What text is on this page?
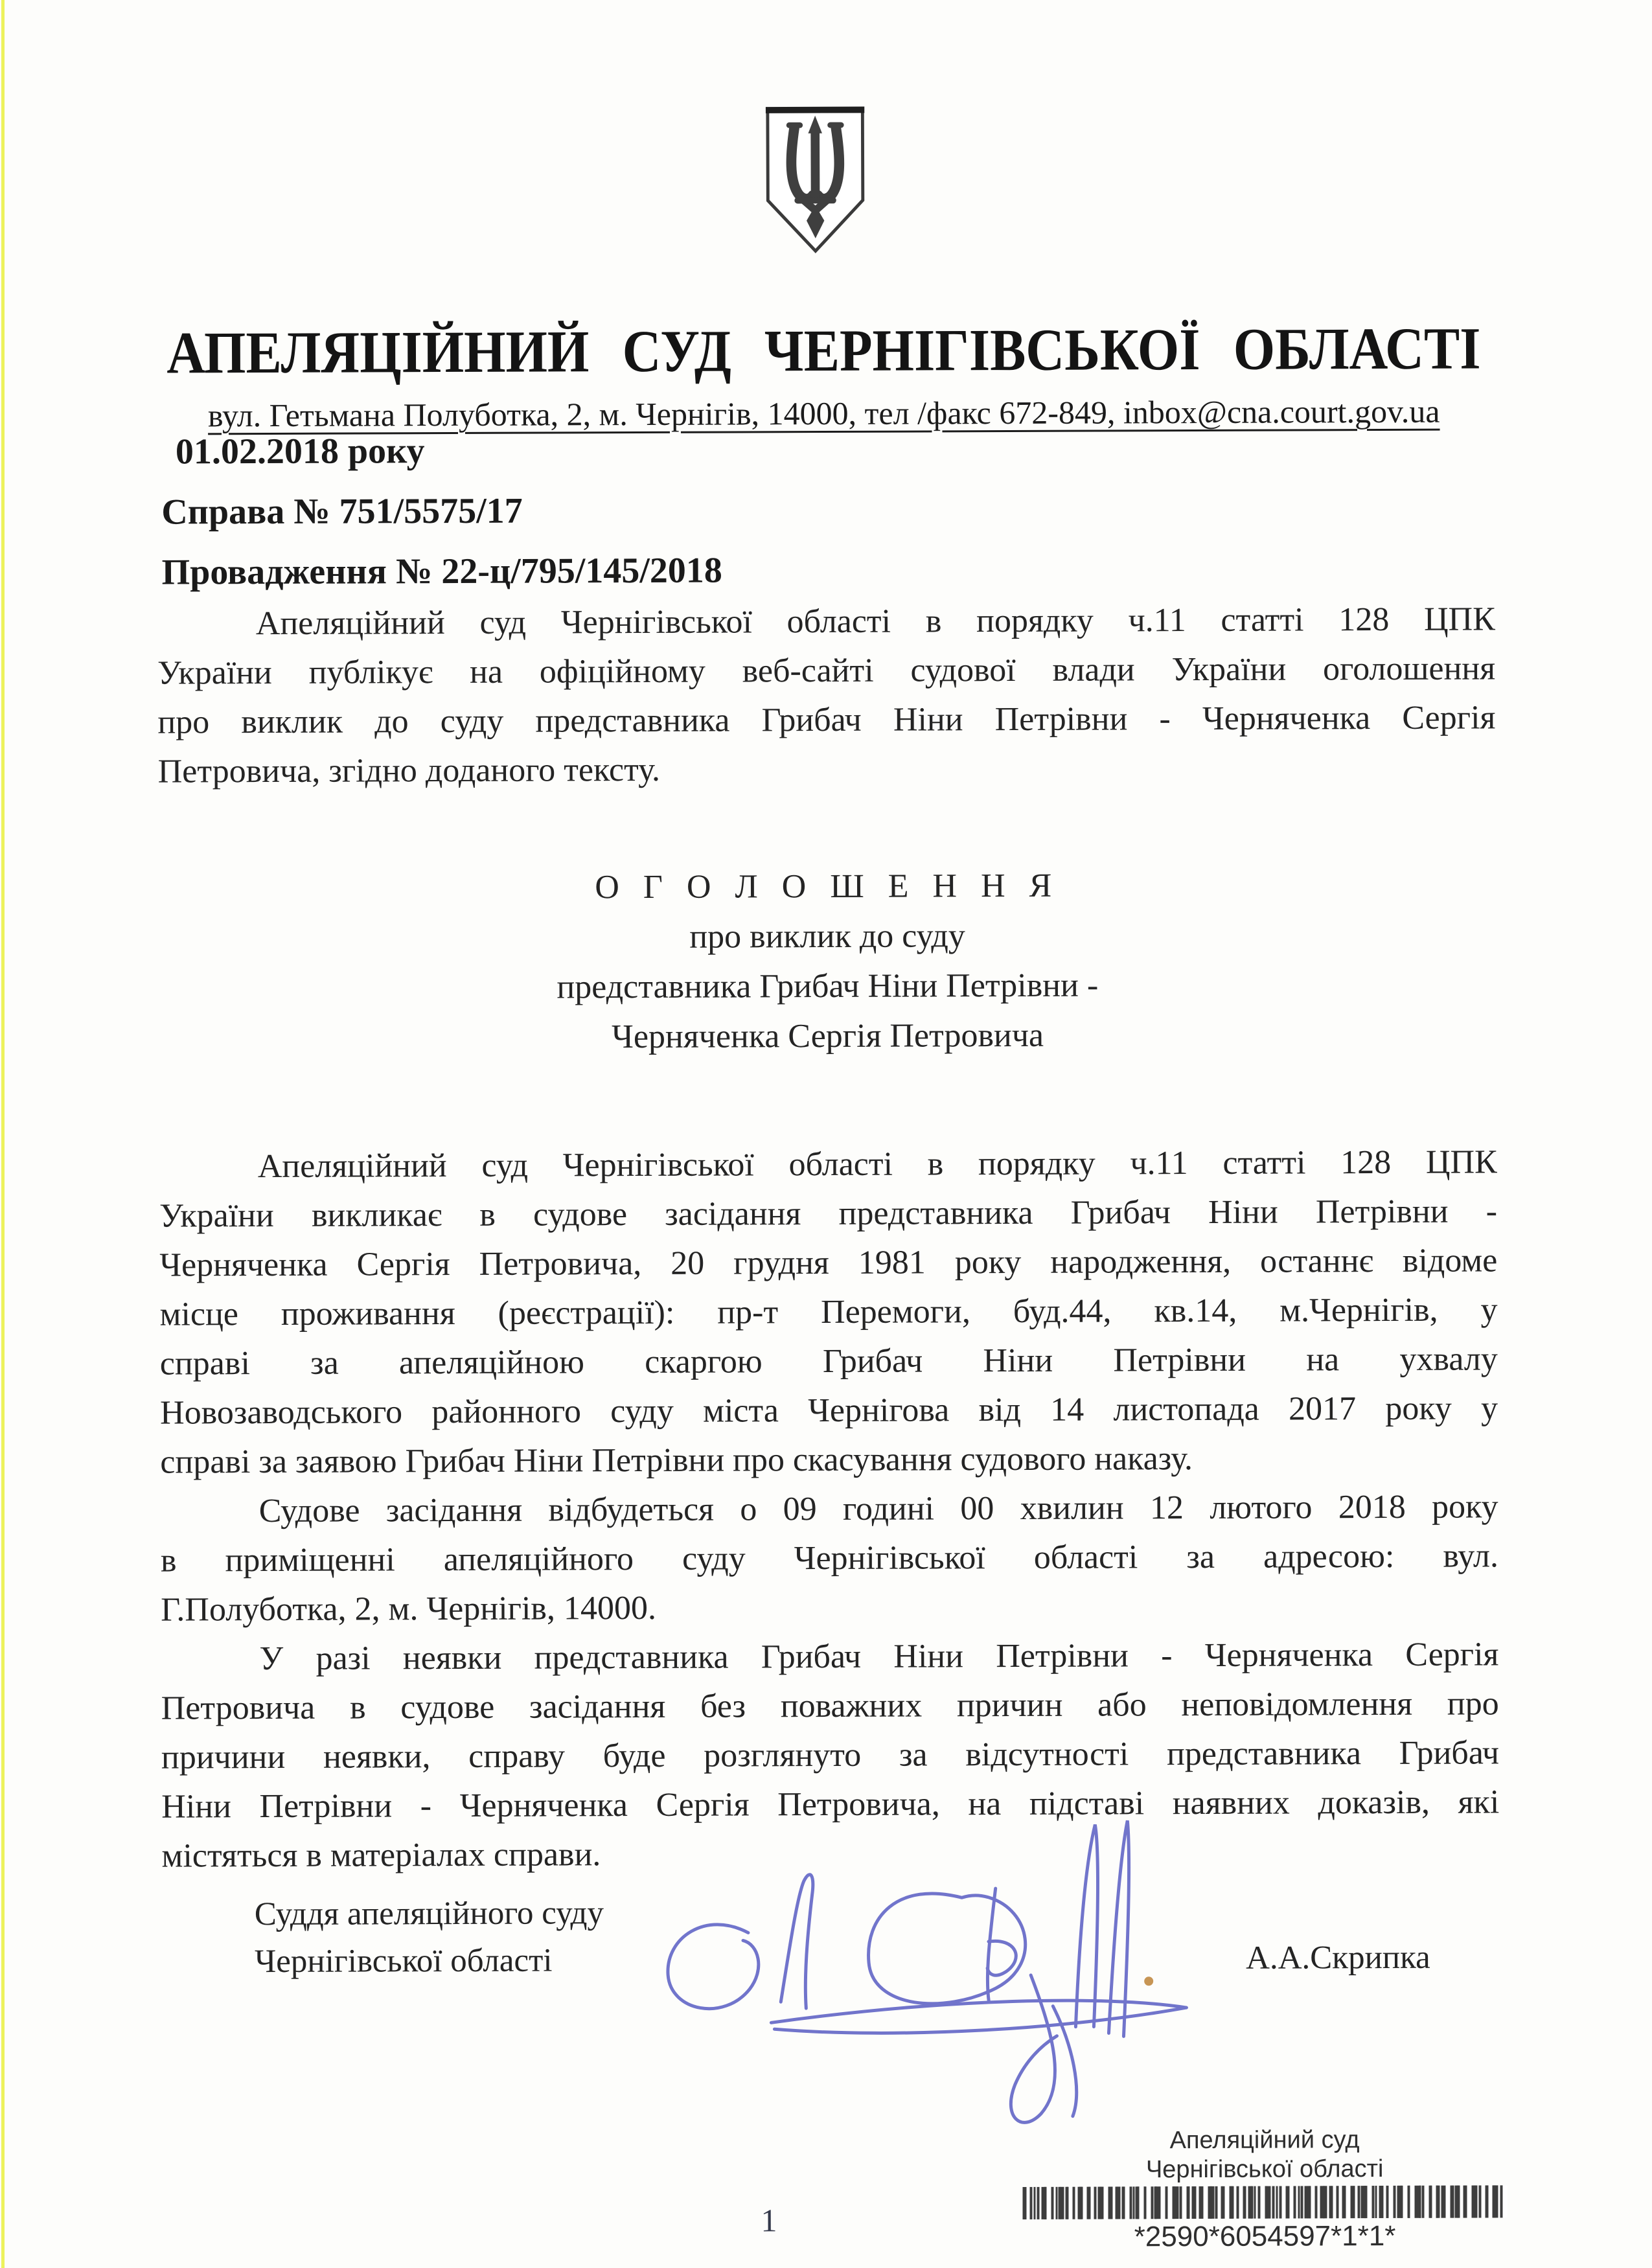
АПЕЛЯЦІЙНИЙ СУД ЧЕРНІГІВСЬКОЇ ОБЛАСТІ
вул. Гетьмана Полуботка, 2, м. Чернігів, 14000, тел /факс 672-849, inbox@cna.court.gov.ua
01.02.2018 року
Справа № 751/5575/17
Провадження № 22-ц/795/145/2018
Апеляційний суд Чернігівської області в порядку ч.11 статті 128 ЦПК
України публікує на офіційному веб-сайті судової влади України оголошення
про виклик до суду представника Грибач Ніни Петрівни - Черняченка Сергія
Петровича, згідно доданого тексту.
О Г О Л О Ш Е Н Н Я
про виклик до суду
представника Грибач Ніни Петрівни -
Черняченка Сергія Петровича
Апеляційний суд Чернігівської області в порядку ч.11 статті 128 ЦПК
України викликає в судове засідання представника Грибач Ніни Петрівни -
Черняченка Сергія Петровича, 20 грудня 1981 року народження, останнє відоме
місце проживання (реєстрації): пр-т Перемоги, буд.44, кв.14, м.Чернігів, у
справі за апеляційною скаргою Грибач Ніни Петрівни на ухвалу
Новозаводського районного суду міста Чернігова від 14 листопада 2017 року у
справі за заявою Грибач Ніни Петрівни про скасування судового наказу.
Судове засідання відбудеться о 09 годині 00 хвилин 12 лютого 2018 року
в приміщенні апеляційного суду Чернігівської області за адресою: вул.
Г.Полуботка, 2, м. Чернігів, 14000.
У разі неявки представника Грибач Ніни Петрівни - Черняченка Сергія
Петровича в судове засідання без поважних причин або неповідомлення про
причини неявки, справу буде розглянуто за відсутності представника Грибач
Ніни Петрівни - Черняченка Сергія Петровича, на підставі наявних доказів, які
містяться в матеріалах справи.
Суддя апеляційного суду
Чернігівської області	А.А.Скрипка
Апеляційний суд
Чернігівської області
*2590*6054597*1*1*
1
